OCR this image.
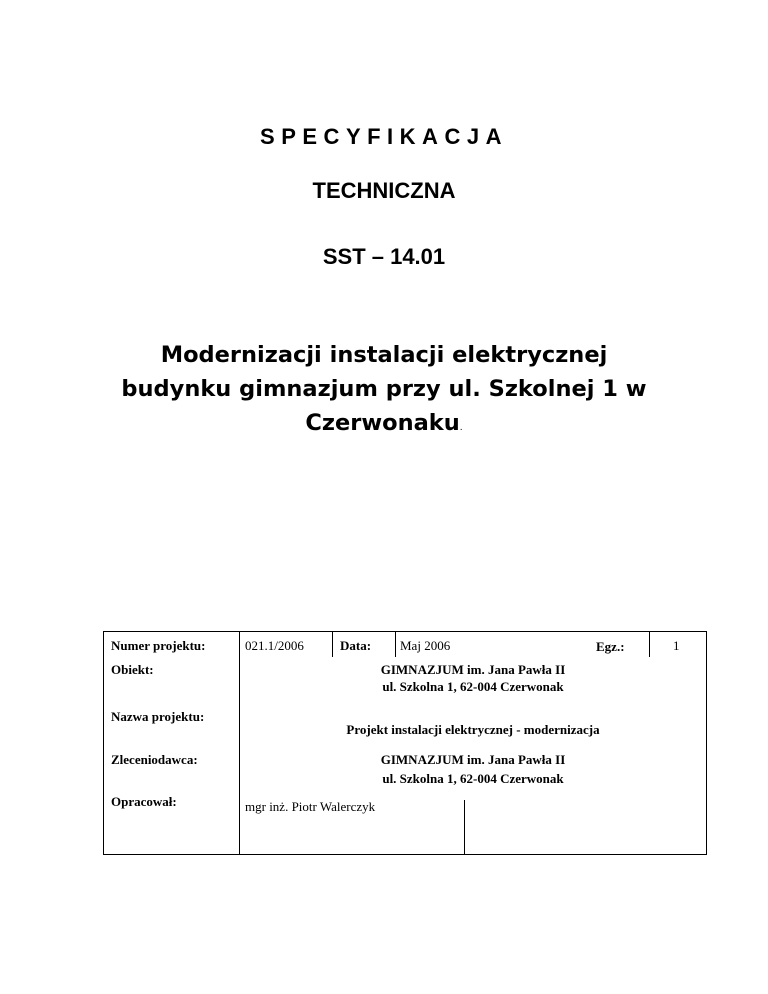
SPECYFIKACJA
TECHNICZNA
SST – 14.01
Modernizacji instalacji elektrycznej
budynku gimnazjum przy ul. Szkolnej 1 w
Czerwonaku.
Numer projektu:	021.1/2006	Data: Maj 2006	Egz.:	1
Obiekt:	GIMNAZJUM im. Jana Pawła II
ul. Szkolna 1, 62-004 Czerwonak
Nazwa projektu:
Projekt instalacji elektrycznej - modernizacja
Zleceniodawca:	GIMNAZJUM im. Jana Pawła II
ul. Szkolna 1, 62-004 Czerwonak
Opracował:	mgr inż. Piotr Walerczyk
